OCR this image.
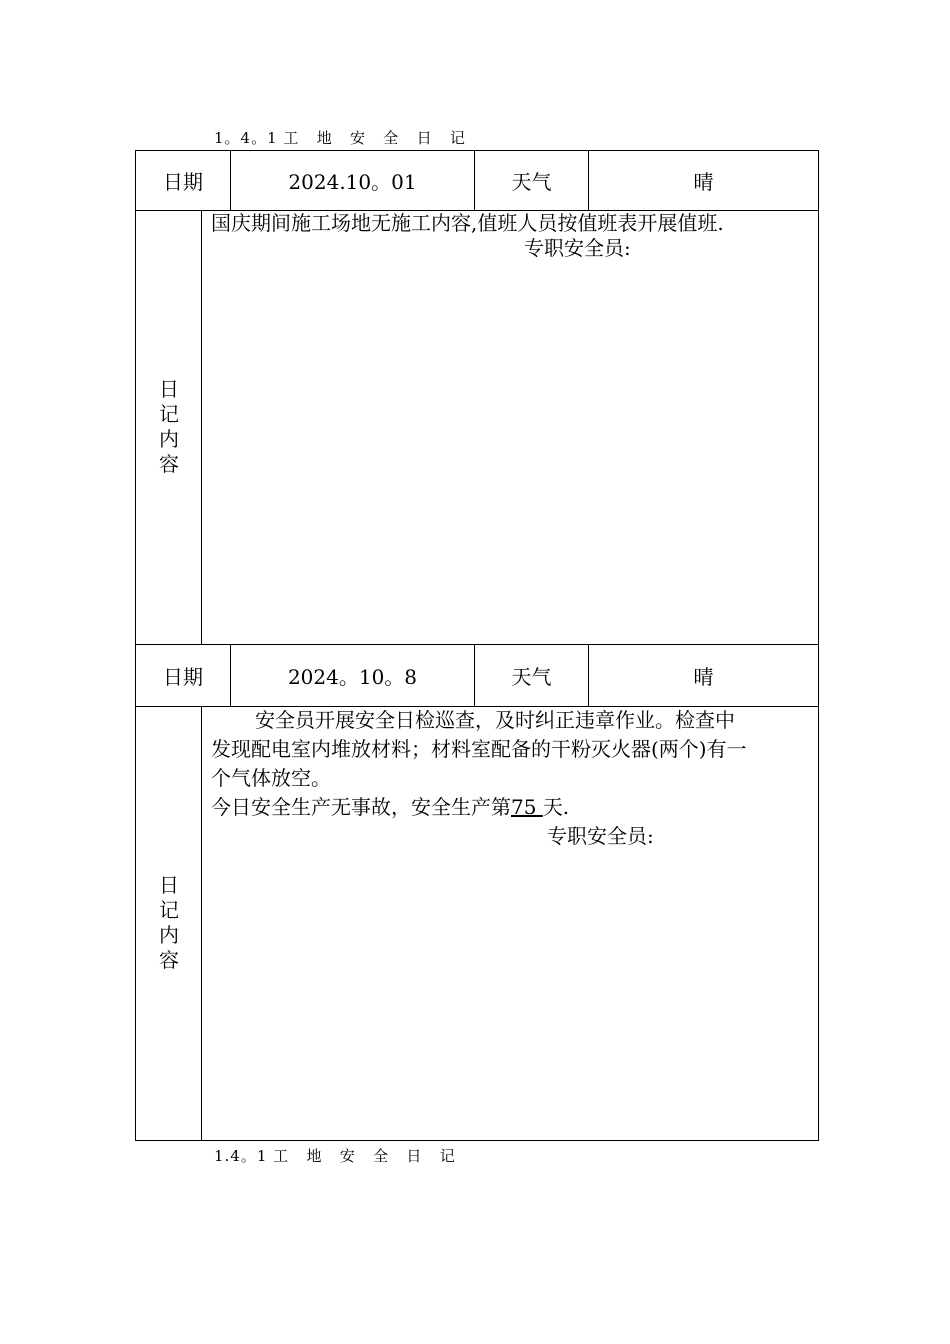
1。4。1 工   地   安   全   日   记
日期	2024.10。01	天气	晴
日
记
内
容
国庆期间施工场地无施工内容,值班人员按值班表开展值班.
专职安全员:
日期	2024。10。8	天气	晴
日
记
内
容
安全员开展安全日检巡查，及时纠正违章作业。检查中
发现配电室内堆放材料；材料室配备的干粉灭火器(两个)有一
个气体放空。
今日安全生产无事故，安全生产第75 天.
专职安全员:
1.4。1 工   地   安   全   日   记
